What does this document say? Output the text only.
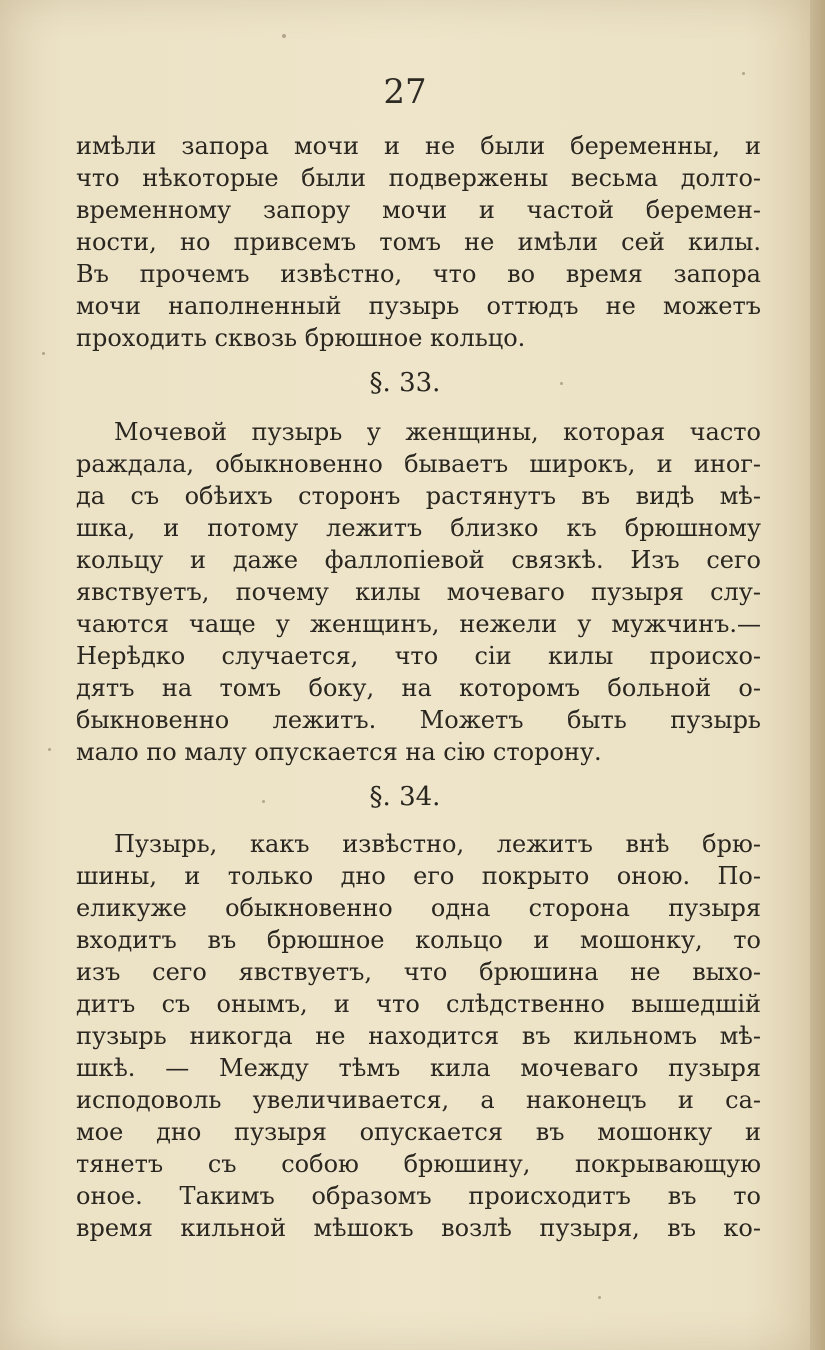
27
имѣли запора мочи и не были беременны, и
что нѣкоторые были подвержены весьма долто-
временному запору мочи и частой беремен-
ности, но привсемъ томъ не имѣли сей килы.
Въ прочемъ извѣстно, что во время запора
мочи наполненный пузырь оттюдъ не можетъ
проходить сквозь брюшное кольцо.
§. 33.
Мочевой пузырь у женщины, которая часто
раждала, обыкновенно бываетъ широкъ, и иног-
да съ обѣихъ сторонъ растянутъ въ видѣ мѣ-
шка, и потому лежитъ близко къ брюшному
кольцу и даже фаллопіевой связкѣ. Изъ сего
явствуетъ, почему килы мочеваго пузыря слу-
чаются чаще у женщинъ, нежели у мужчинъ.—
Нерѣдко случается, что сіи килы происхо-
дятъ на томъ боку, на которомъ больной о-
быкновенно лежитъ. Можетъ быть пузырь
мало по малу опускается на сію сторону.
§. 34.
Пузырь, какъ извѣстно, лежитъ внѣ брю-
шины, и только дно его покрыто оною. По-
еликуже обыкновенно одна сторона пузыря
входитъ въ брюшное кольцо и мошонку, то
изъ сего явствуетъ, что брюшина не выхо-
дитъ съ онымъ, и что слѣдственно вышедшій
пузырь никогда не находится въ кильномъ мѣ-
шкѣ. — Между тѣмъ кила мочеваго пузыря
исподоволь увеличивается, а наконецъ и са-
мое дно пузыря опускается въ мошонку и
тянетъ съ собою брюшину, покрывающую
оное. Такимъ образомъ происходитъ въ то
время кильной мѣшокъ возлѣ пузыря, въ ко-
